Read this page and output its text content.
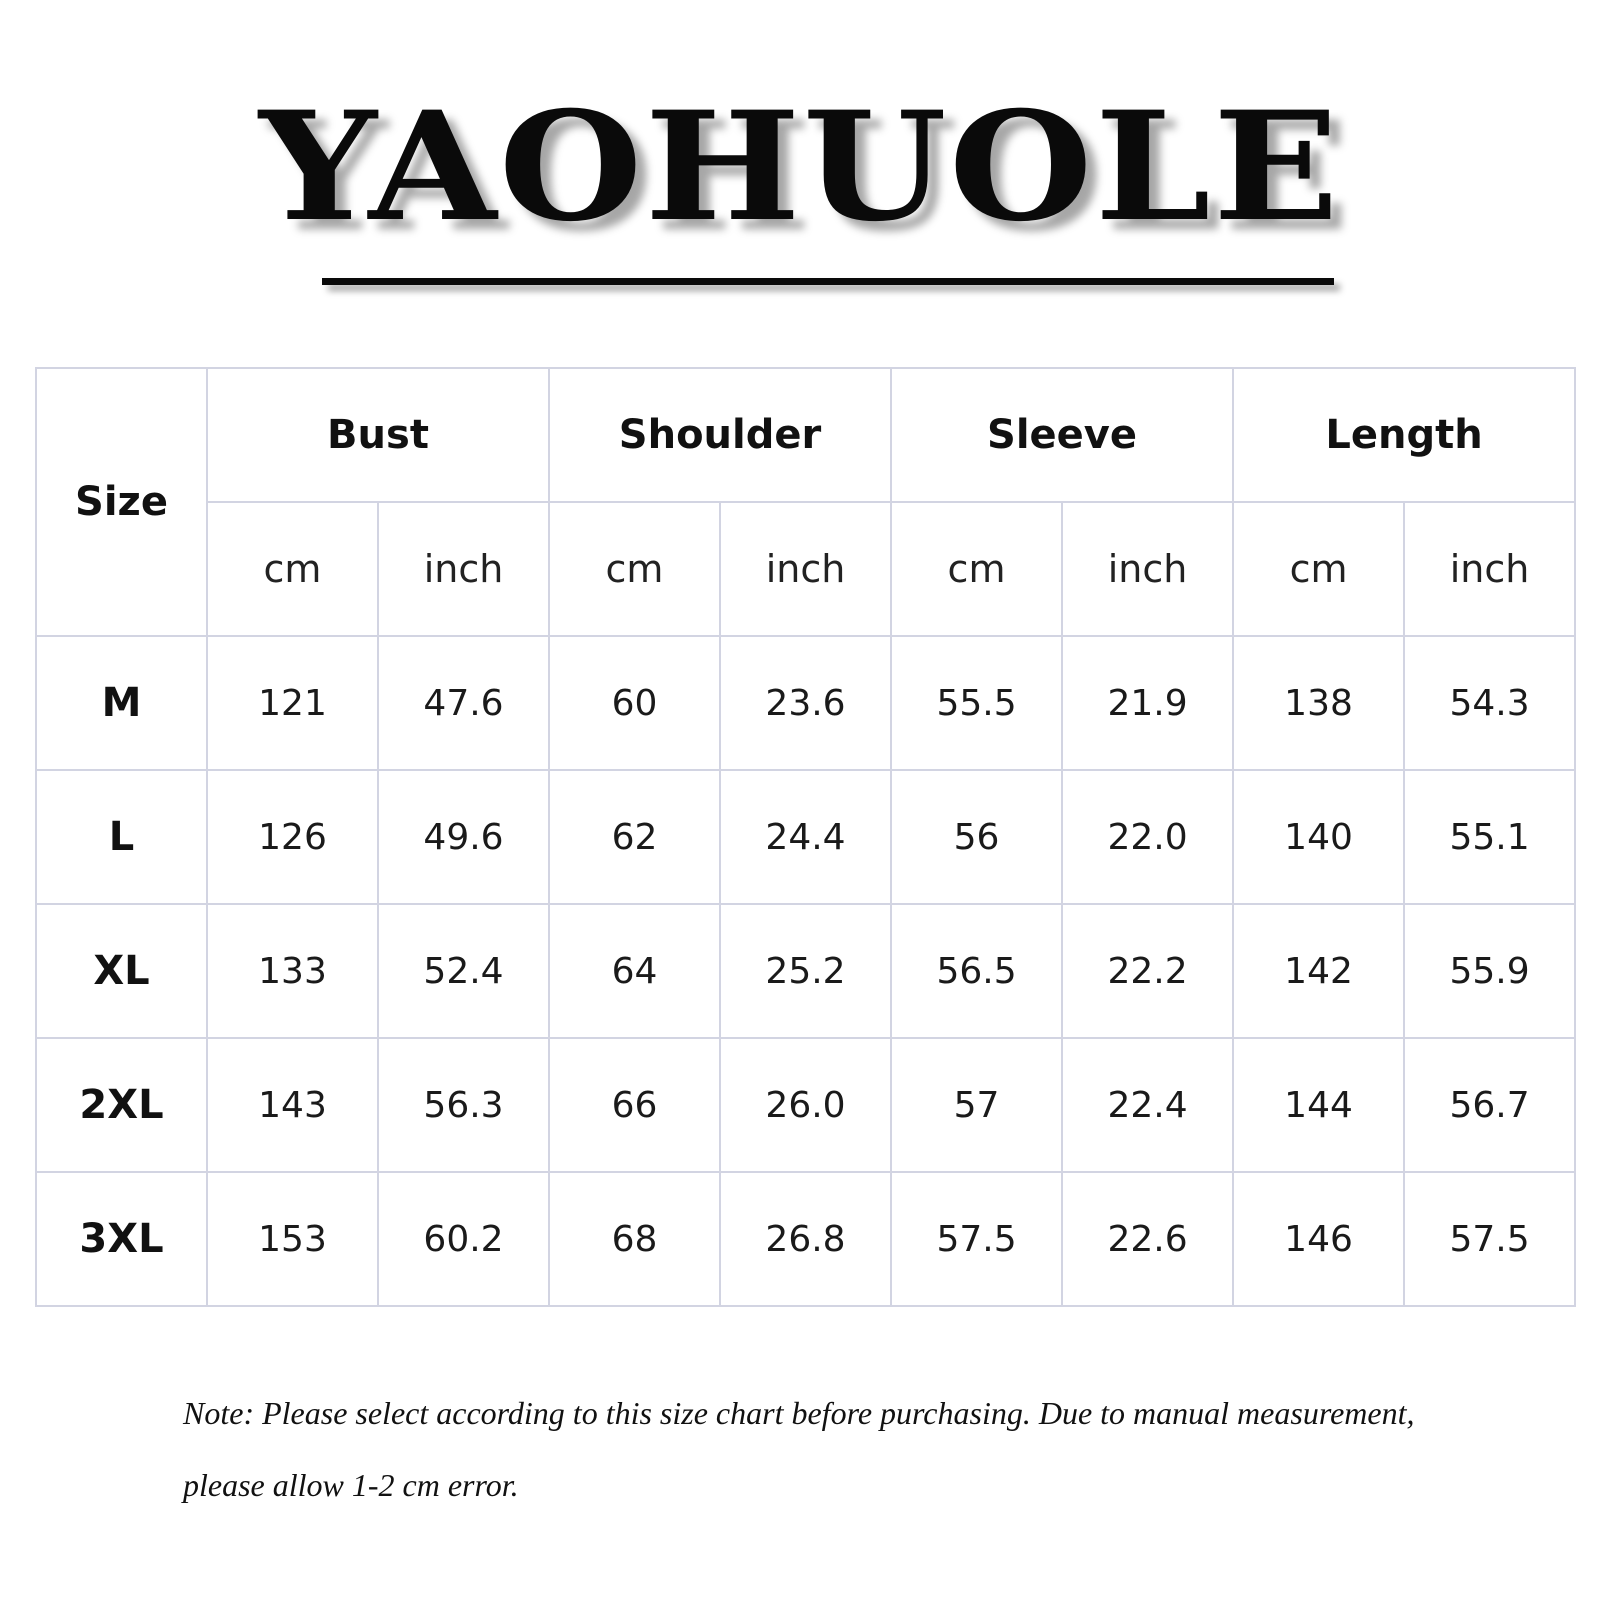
YAOHUOLE
Size	Bust		Shoulder		Sleeve		Length	
	cm	inch	cm	inch	cm	inch	cm	inch
M	121	47.6	60	23.6	55.5	21.9	138	54.3
L	126	49.6	62	24.4	56	22.0	140	55.1
XL	133	52.4	64	25.2	56.5	22.2	142	55.9
2XL	143	56.3	66	26.0	57	22.4	144	56.7
3XL	153	60.2	68	26.8	57.5	22.6	146	57.5
Note: Please select according to this size chart before purchasing. Due to manual measurement, please allow 1-2 cm error.
